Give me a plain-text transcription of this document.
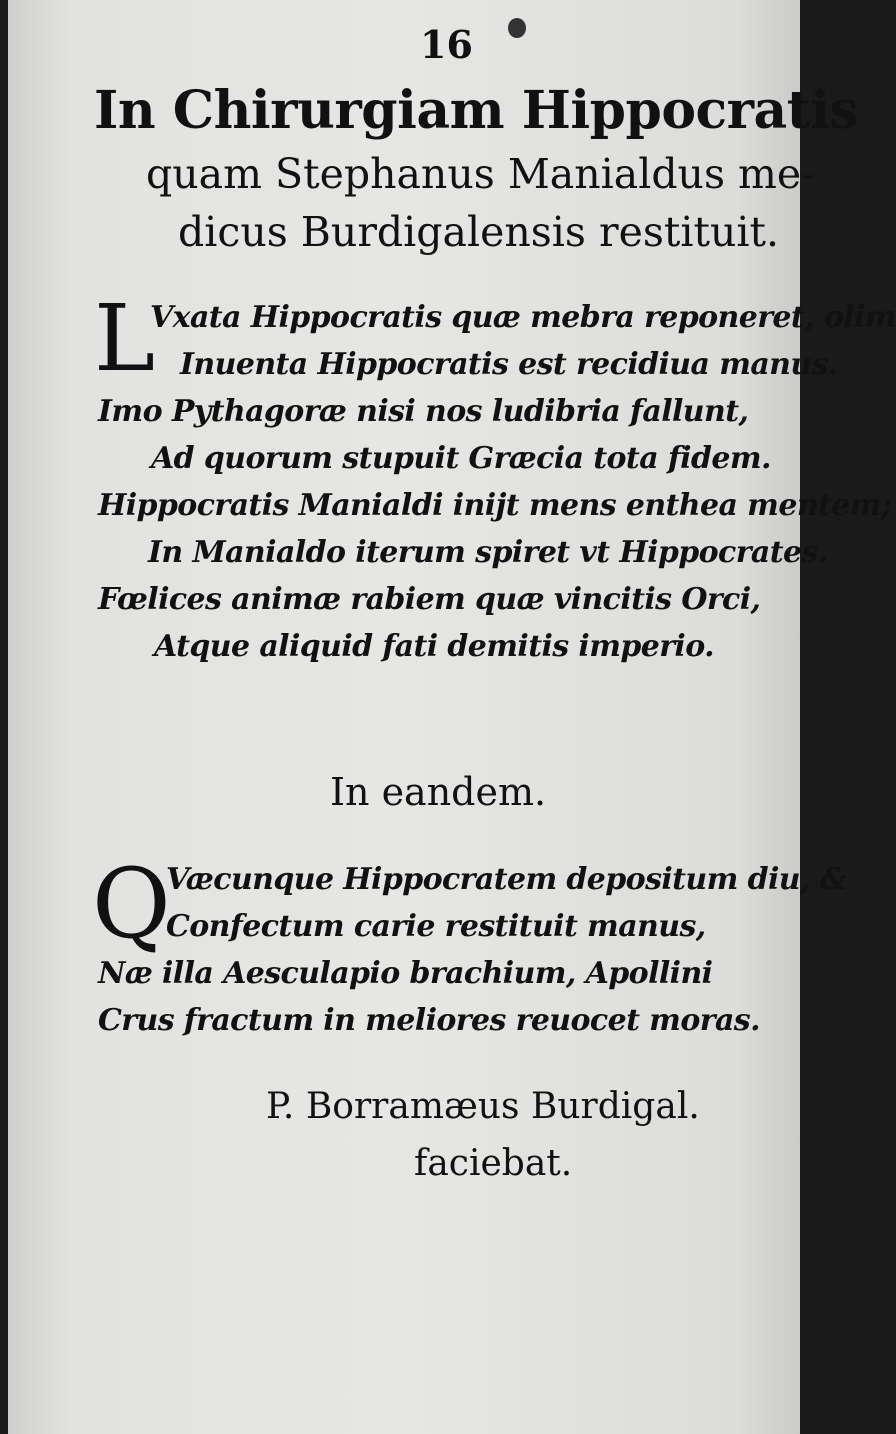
16
In Chirurgiam Hippocratis
quam Stephanus Manialdus me-
dicus Burdigalensis restituit.
L
Vxata Hippocratis quæ mebra reponeret, olim
Inuenta Hippocratis est recidiua manus.
Imo Pythagoræ nisi nos ludibria fallunt,
Ad quorum stupuit Græcia tota fidem.
Hippocratis Manialdi inijt mens enthea mentem;
In Manialdo iterum spiret vt Hippocrates.
Fœlices animæ rabiem quæ vincitis Orci,
Atque aliquid fati demitis imperio.
In eandem.
Q
Væcunque Hippocratem depositum diu, &
Confectum carie restituit manus,
Næ illa Aesculapio brachium, Apollini
Crus fractum in meliores reuocet moras.
P. Borramæus Burdigal.
faciebat.
